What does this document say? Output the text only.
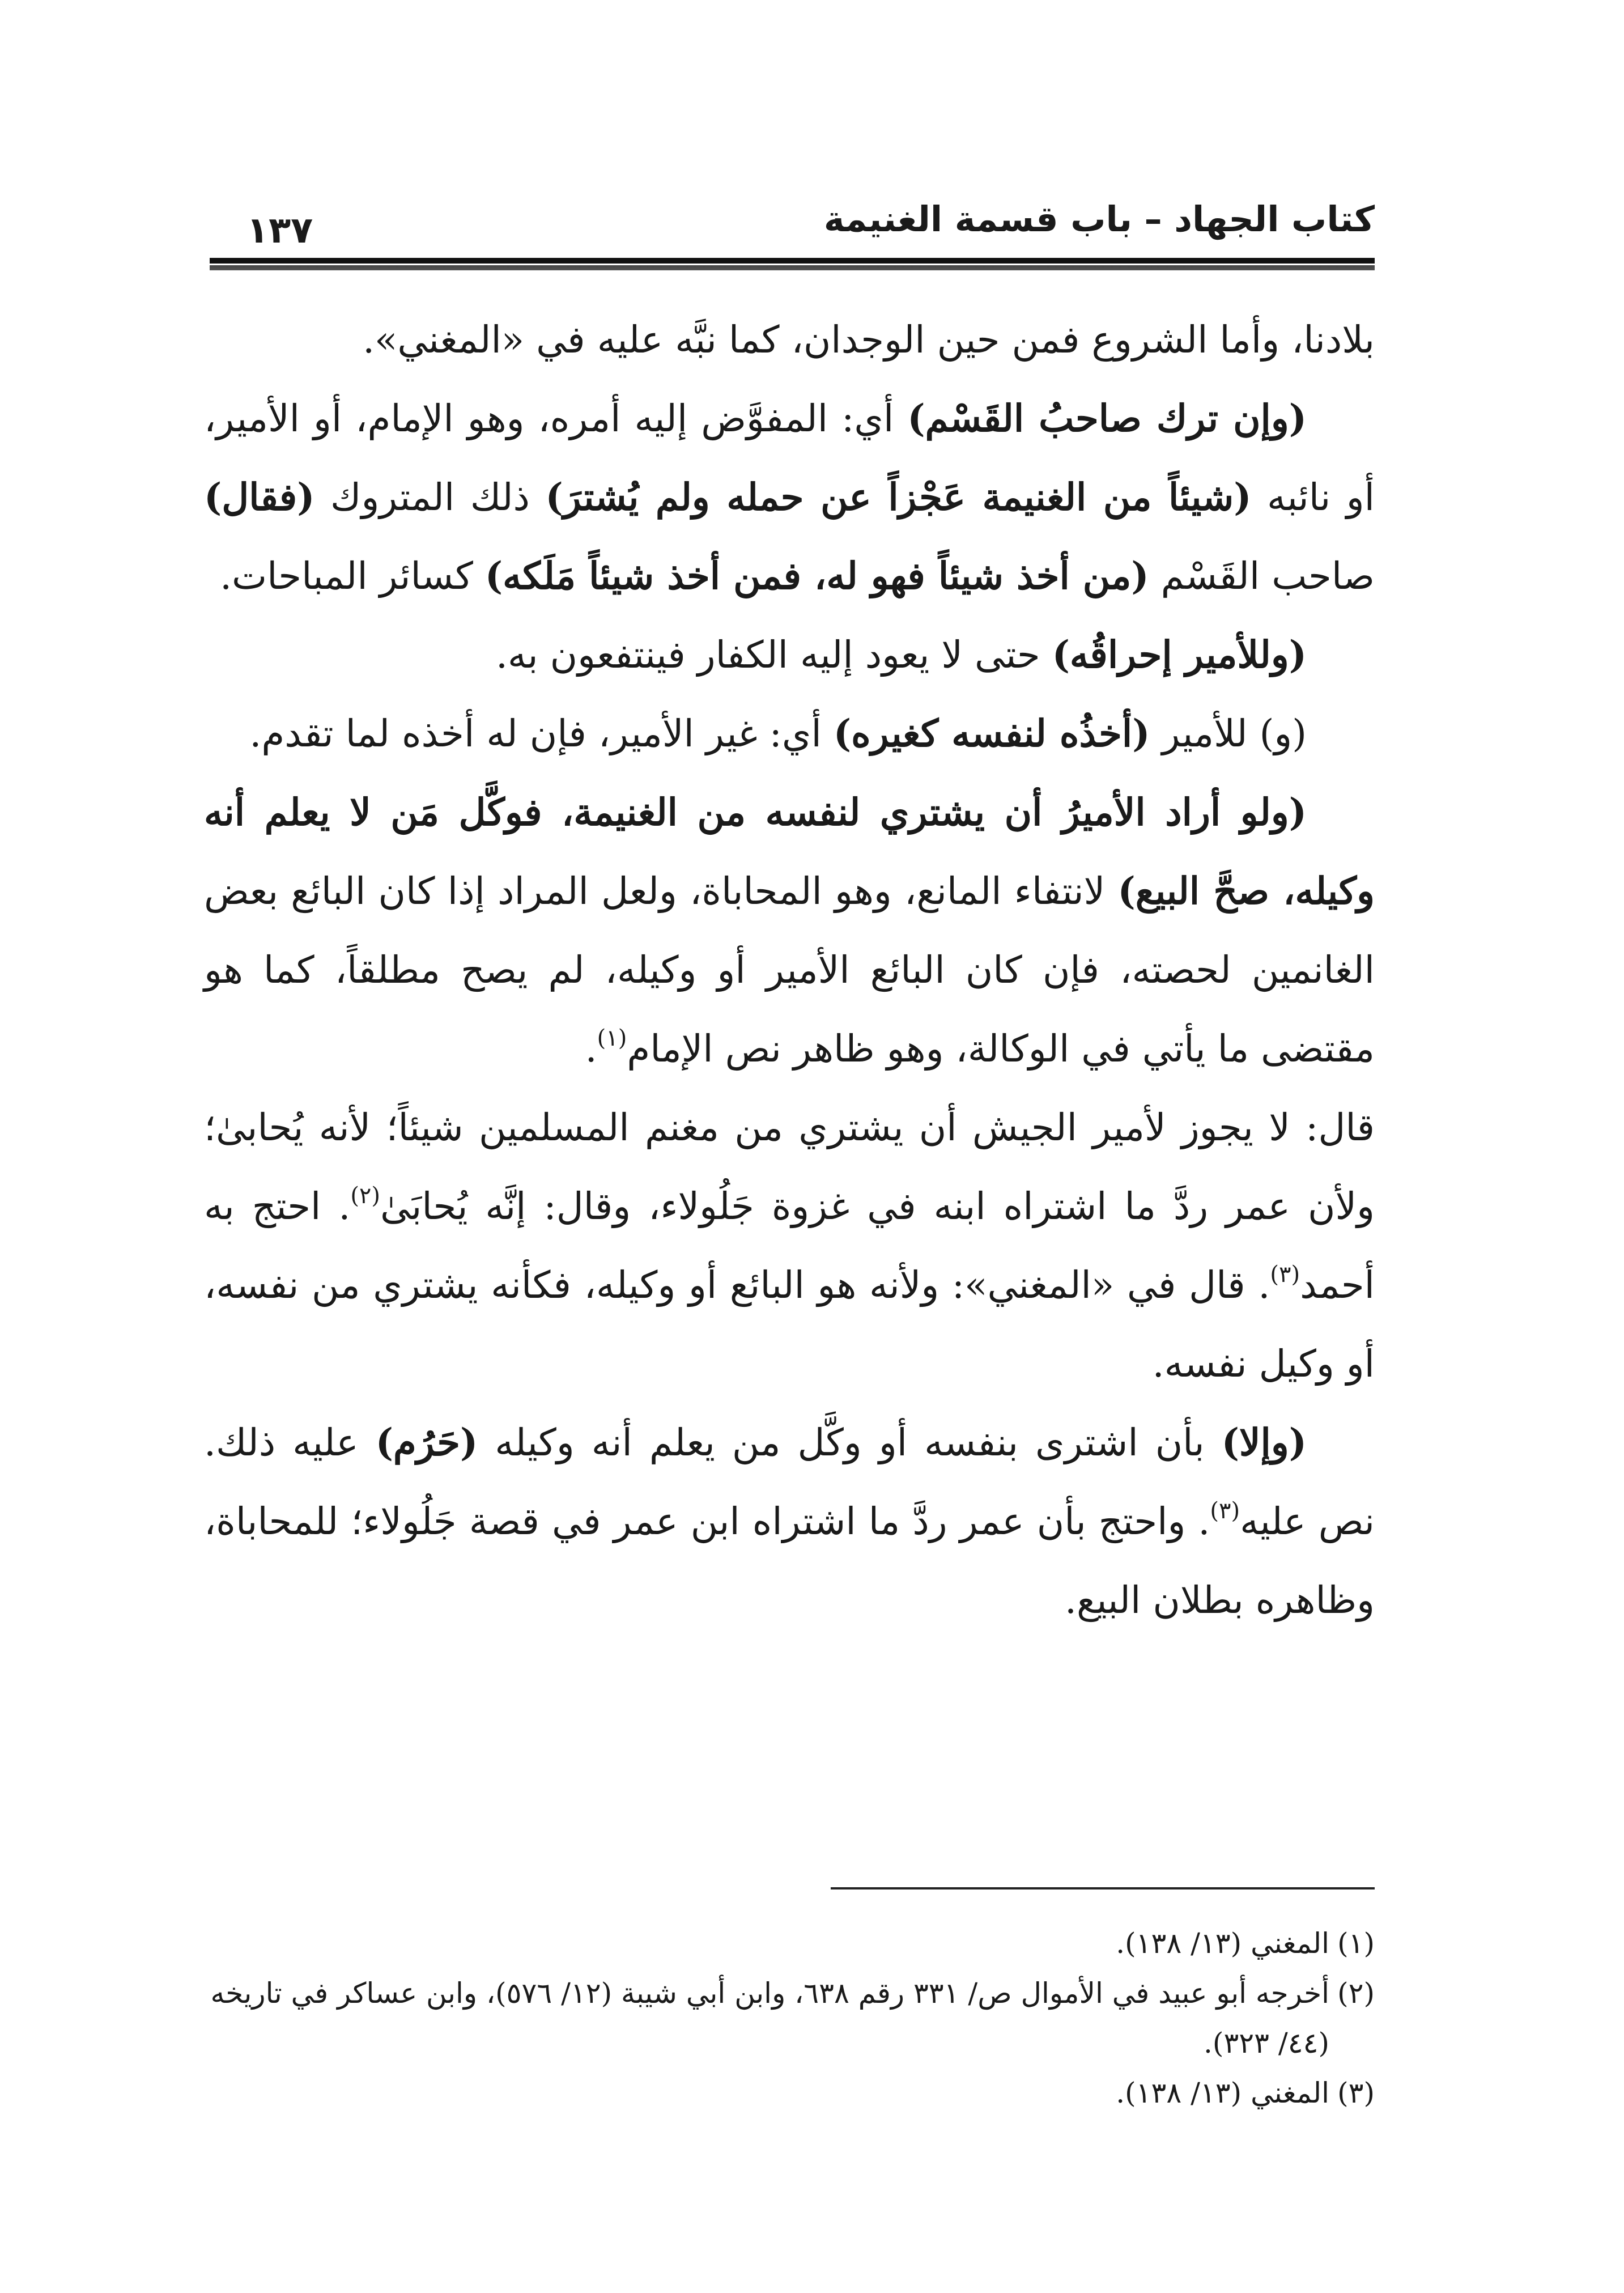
١٣٧	كتاب الجهاد – باب قسمة الغنيمة

بلادنا، وأما الشروع فمن حين الوجدان، كما نبَّه عليه في «المغني».

(وإن ترك صاحبُ القَسْم) أي: المفوَّض إليه أمره، وهو الإمام، أو الأمير، أو نائبه (شيئاً من الغنيمة عَجْزاً عن حمله ولم يُشترَ) ذلك المتروك (فقال) صاحب القَسْم (من أخذ شيئاً فهو له، فمن أخذ شيئاً مَلَكه) كسائر المباحات.

(وللأمير إحراقُه) حتى لا يعود إليه الكفار فينتفعون به.

(و) للأمير (أخذُه لنفسه كغيره) أي: غير الأمير، فإن له أخذه لما تقدم.

(ولو أراد الأميرُ أن يشتري لنفسه من الغنيمة، فوكَّل مَن لا يعلم أنه وكيله، صحَّ البيع) لانتفاء المانع، وهو المحاباة، ولعل المراد إذا كان البائع بعض الغانمين لحصته، فإن كان البائع الأمير أو وكيله، لم يصح مطلقاً، كما هو مقتضى ما يأتي في الوكالة، وهو ظاهر نص الإمام$^{(١)}$.

قال: لا يجوز لأمير الجيش أن يشتري من مغنم المسلمين شيئاً؛ لأنه يُحابىٰ؛ ولأن عمر ردَّ ما اشتراه ابنه في غزوة جَلُولاء، وقال: إنَّه يُحابَىٰ$^{(٢)}$. احتج به أحمد$^{(٣)}$. قال في «المغني»: ولأنه هو البائع أو وكيله، فكأنه يشتري من نفسه، أو وكيل نفسه.

(وإلا) بأن اشترى بنفسه أو وكَّل من يعلم أنه وكيله (حَرُم) عليه ذلك. نص عليه$^{(٣)}$. واحتج بأن عمر ردَّ ما اشتراه ابن عمر في قصة جَلُولاء؛ للمحاباة، وظاهره بطلان البيع.

(١)المغني (١٣/ ١٣٨).

(٢)أخرجه أبو عبيد في الأموال ص/ ٣٣١ رقم ٦٣٨، وابن أبي شيبة (١٢/ ٥٧٦)، وابن عساكر في تاريخه (٤٤/ ٣٢٣).

(٣)المغني (١٣/ ١٣٨).
